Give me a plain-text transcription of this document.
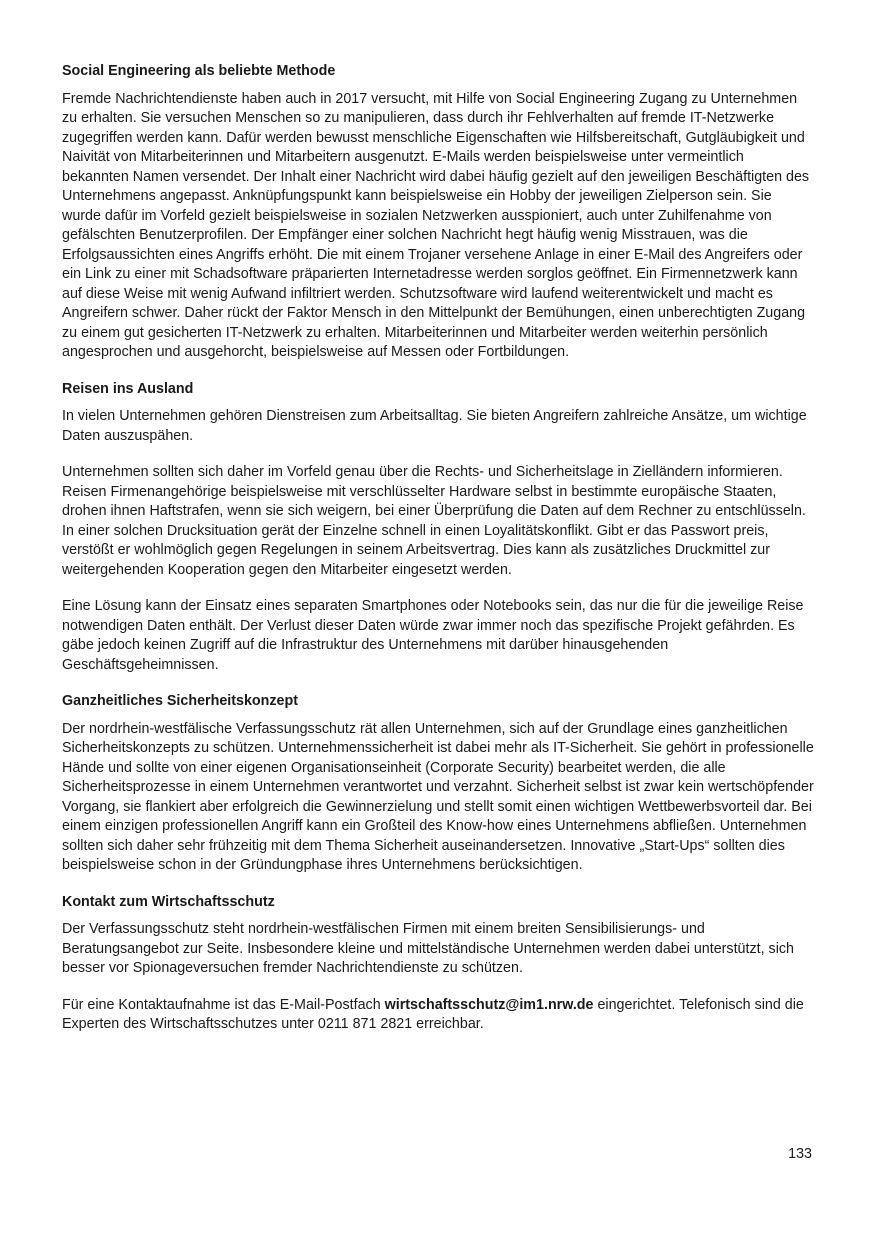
Social Engineering als beliebte Methode

Fremde Nachrichtendienste haben auch in 2017 versucht, mit Hilfe von Social Engineering Zugang zu Unternehmen zu erhalten. Sie versuchen Menschen so zu manipulieren, dass durch ihr Fehlverhalten auf fremde IT-Netzwerke zugegriffen werden kann. Dafür werden bewusst menschliche Eigenschaften wie Hilfsbereitschaft, Gutgläubigkeit und Naivität von Mitarbeiterinnen und Mitarbeitern ausgenutzt. E-Mails werden beispielsweise unter vermeintlich bekannten Namen versendet. Der Inhalt einer Nachricht wird dabei häufig gezielt auf den jeweiligen Beschäftigten des Unternehmens angepasst. Anknüpfungspunkt kann beispielsweise ein Hobby der jeweiligen Zielperson sein. Sie wurde dafür im Vorfeld gezielt beispielsweise in sozialen Netzwerken ausspioniert, auch unter Zuhilfenahme von gefälschten Benutzerprofilen. Der Empfänger einer solchen Nachricht hegt häufig wenig Misstrauen, was die Erfolgsaussichten eines Angriffs erhöht. Die mit einem Trojaner versehene Anlage in einer E-Mail des Angreifers oder ein Link zu einer mit Schadsoftware präparierten Internetadresse werden sorglos geöffnet. Ein Firmennetzwerk kann auf diese Weise mit wenig Aufwand infiltriert werden. Schutzsoftware wird laufend weiterentwickelt und macht es Angreifern schwer. Daher rückt der Faktor Mensch in den Mittelpunkt der Bemühungen, einen unberechtigten Zugang zu einem gut gesicherten IT-Netzwerk zu erhalten. Mitarbeiterinnen und Mitarbeiter werden weiterhin persönlich angesprochen und ausgehorcht, beispielsweise auf Messen oder Fortbildungen.

Reisen ins Ausland

In vielen Unternehmen gehören Dienstreisen zum Arbeitsalltag. Sie bieten Angreifern zahlreiche Ansätze, um wichtige Daten auszuspähen.

Unternehmen sollten sich daher im Vorfeld genau über die Rechts- und Sicherheitslage in Zielländern informieren. Reisen Firmenangehörige beispielsweise mit verschlüsselter Hardware selbst in bestimmte europäische Staaten, drohen ihnen Haftstrafen, wenn sie sich weigern, bei einer Überprüfung die Daten auf dem Rechner zu entschlüsseln. In einer solchen Drucksituation gerät der Einzelne schnell in einen Loyalitätskonflikt. Gibt er das Passwort preis, verstößt er wohlmöglich gegen Regelungen in seinem Arbeitsvertrag. Dies kann als zusätzliches Druckmittel zur weitergehenden Kooperation gegen den Mitarbeiter eingesetzt werden.

Eine Lösung kann der Einsatz eines separaten Smartphones oder Notebooks sein, das nur die für die jeweilige Reise notwendigen Daten enthält. Der Verlust dieser Daten würde zwar immer noch das spezifische Projekt gefährden. Es gäbe jedoch keinen Zugriff auf die Infrastruktur des Unternehmens mit darüber hinausgehenden Geschäftsgeheimnissen.

Ganzheitliches Sicherheitskonzept

Der nordrhein-westfälische Verfassungsschutz rät allen Unternehmen, sich auf der Grundlage eines ganzheitlichen Sicherheitskonzepts zu schützen. Unternehmenssicherheit ist dabei mehr als IT-Sicherheit. Sie gehört in professionelle Hände und sollte von einer eigenen Organisationseinheit (Corporate Security) bearbeitet werden, die alle Sicherheitsprozesse in einem Unternehmen verantwortet und verzahnt. Sicherheit selbst ist zwar kein wertschöpfender Vorgang, sie flankiert aber erfolgreich die Gewinnerzielung und stellt somit einen wichtigen Wettbewerbsvorteil dar. Bei einem einzigen professionellen Angriff kann ein Großteil des Know-how eines Unternehmens abfließen. Unternehmen sollten sich daher sehr frühzeitig mit dem Thema Sicherheit auseinandersetzen. Innovative „Start-Ups“ sollten dies beispielsweise schon in der Gründungphase ihres Unternehmens berücksichtigen.

Kontakt zum Wirtschaftsschutz

Der Verfassungsschutz steht nordrhein-westfälischen Firmen mit einem breiten Sensibilisierungs- und Beratungsangebot zur Seite. Insbesondere kleine und mittelständische Unternehmen werden dabei unterstützt, sich besser vor Spionageversuchen fremder Nachrichtendienste zu schützen.

Für eine Kontaktaufnahme ist das E-Mail-Postfach wirtschaftsschutz@im1.nrw.de eingerichtet. Telefonisch sind die Experten des Wirtschaftsschutzes unter 0211 871 2821 erreichbar.

133
